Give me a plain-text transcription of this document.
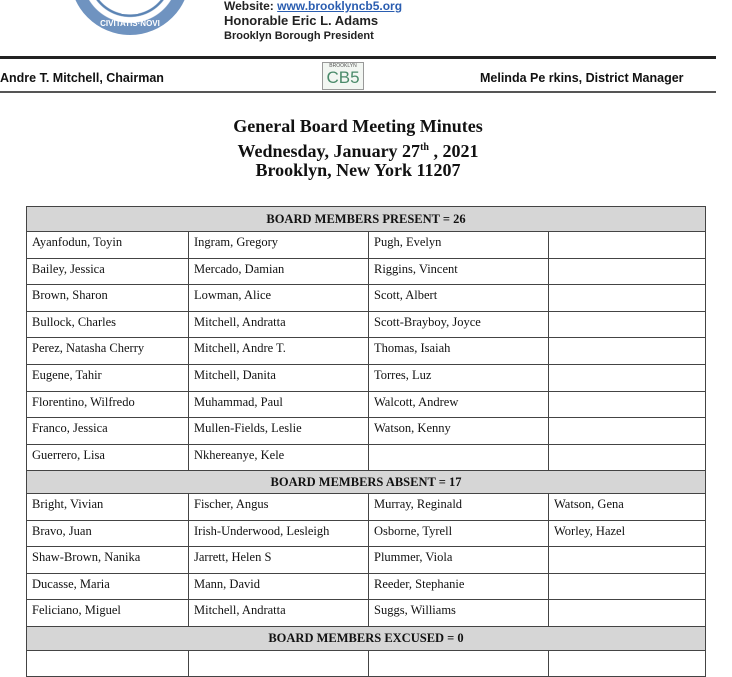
·1625·
CIVITATIS·NOVI
Website: www.brooklyncb5.org
Honorable Eric L. Adams
Brooklyn Borough President
Andre T. Mitchell, Chairman
BROOKLYN
CB5	Melinda Pe rkins, District Manager
General Board Meeting Minutes
Wednesday, January 27th , 2021
Brooklyn, New York 11207
BOARD MEMBERS PRESENT = 26			
Ayanfodun, Toyin	Ingram, Gregory	Pugh, Evelyn	
Bailey, Jessica	Mercado, Damian	Riggins, Vincent	
Brown, Sharon	Lowman, Alice	Scott, Albert	
Bullock, Charles	Mitchell, Andratta	Scott-Brayboy, Joyce	
Perez, Natasha Cherry	Mitchell, Andre T.	Thomas, Isaiah	
Eugene, Tahir	Mitchell, Danita	Torres, Luz	
Florentino, Wilfredo	Muhammad, Paul	Walcott, Andrew	
Franco, Jessica	Mullen-Fields, Leslie	Watson, Kenny	
Guerrero, Lisa	Nkhereanye, Kele		
BOARD MEMBERS ABSENT = 17			
Bright, Vivian	Fischer, Angus	Murray, Reginald	Watson, Gena
Bravo, Juan	Irish-Underwood, Lesleigh	Osborne, Tyrell	Worley, Hazel
Shaw-Brown, Nanika	Jarrett, Helen S	Plummer, Viola	
Ducasse, Maria	Mann, David	Reeder, Stephanie	
Feliciano, Miguel	Mitchell, Andratta	Suggs, Williams	
BOARD MEMBERS EXCUSED = 0			
